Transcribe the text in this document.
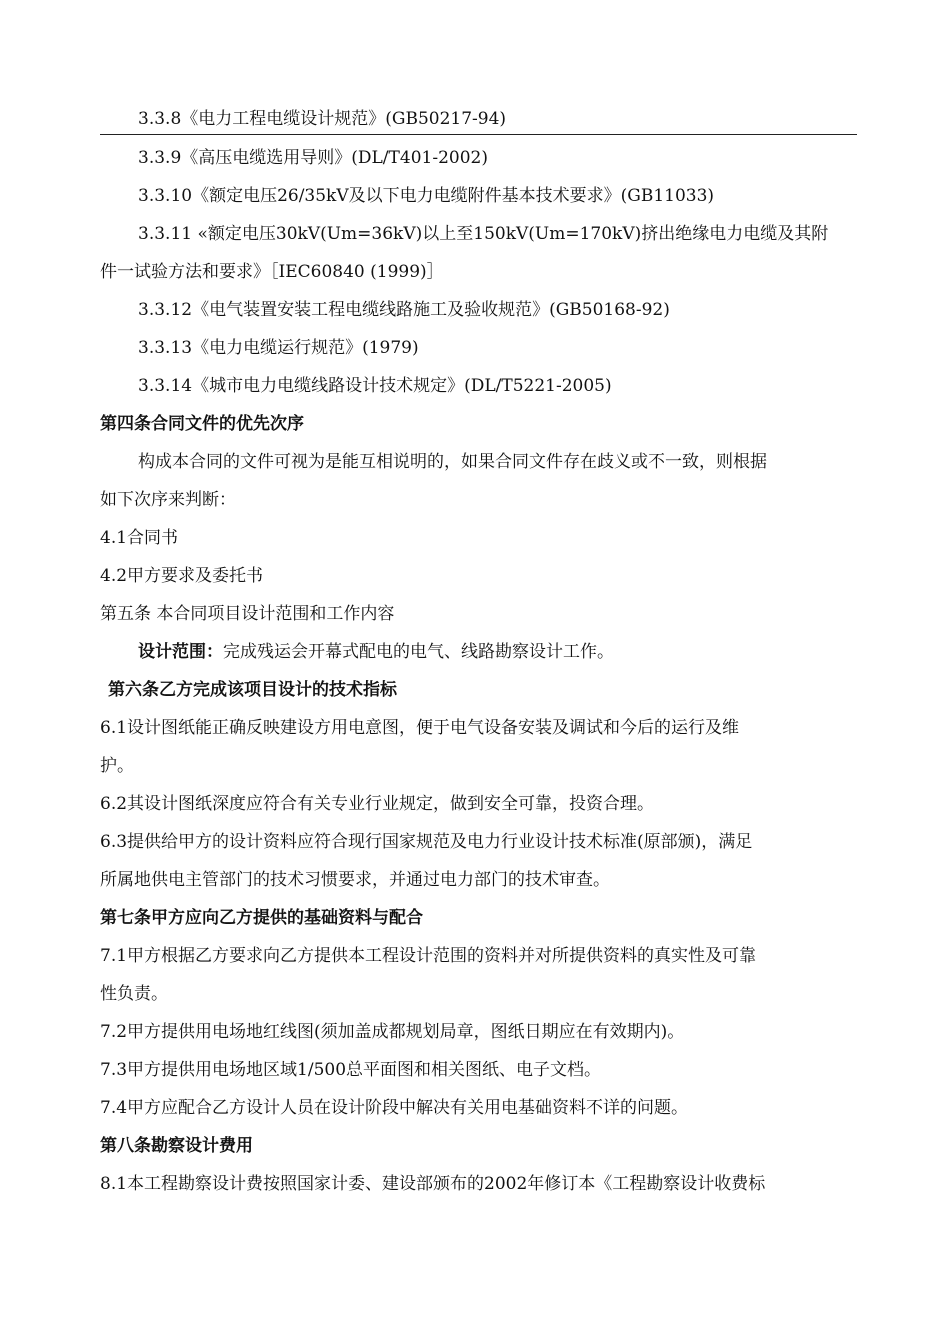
3.3.8《电力工程电缆设计规范》(GB50217-94)
3.3.9《高压电缆选用导则》(DL/T401-2002)
3.3.10《额定电压26/35kV及以下电力电缆附件基本技术要求》(GB11033)
3.3.11 «额定电压30kV(Um=36kV)以上至150kV(Um=170kV)挤出绝缘电力电缆及其附
件一试验方法和要求》［IEC60840 (1999)］
3.3.12《电气装置安装工程电缆线路施工及验收规范》(GB50168-92)
3.3.13《电力电缆运行规范》(1979)
3.3.14《城市电力电缆线路设计技术规定》(DL/T5221-2005)
第四条合同文件的优先次序
构成本合同的文件可视为是能互相说明的，如果合同文件存在歧义或不一致，则根据
如下次序来判断：
4.1合同书
4.2甲方要求及委托书
第五条 本合同项目设计范围和工作内容
设计范围：完成残运会开幕式配电的电气、线路勘察设计工作。
第六条乙方完成该项目设计的技术指标
6.1设计图纸能正确反映建设方用电意图，便于电气设备安装及调试和今后的运行及维
护。
6.2其设计图纸深度应符合有关专业行业规定，做到安全可靠，投资合理。
6.3提供给甲方的设计资料应符合现行国家规范及电力行业设计技术标准(原部颁)，满足
所属地供电主管部门的技术习惯要求，并通过电力部门的技术审查。
第七条甲方应向乙方提供的基础资料与配合
7.1甲方根据乙方要求向乙方提供本工程设计范围的资料并对所提供资料的真实性及可靠
性负责。
7.2甲方提供用电场地红线图(须加盖成都规划局章，图纸日期应在有效期内)。
7.3甲方提供用电场地区域1/500总平面图和相关图纸、电子文档。
7.4甲方应配合乙方设计人员在设计阶段中解决有关用电基础资料不详的问题。
第八条勘察设计费用
8.1本工程勘察设计费按照国家计委、建设部颁布的2002年修订本《工程勘察设计收费标
